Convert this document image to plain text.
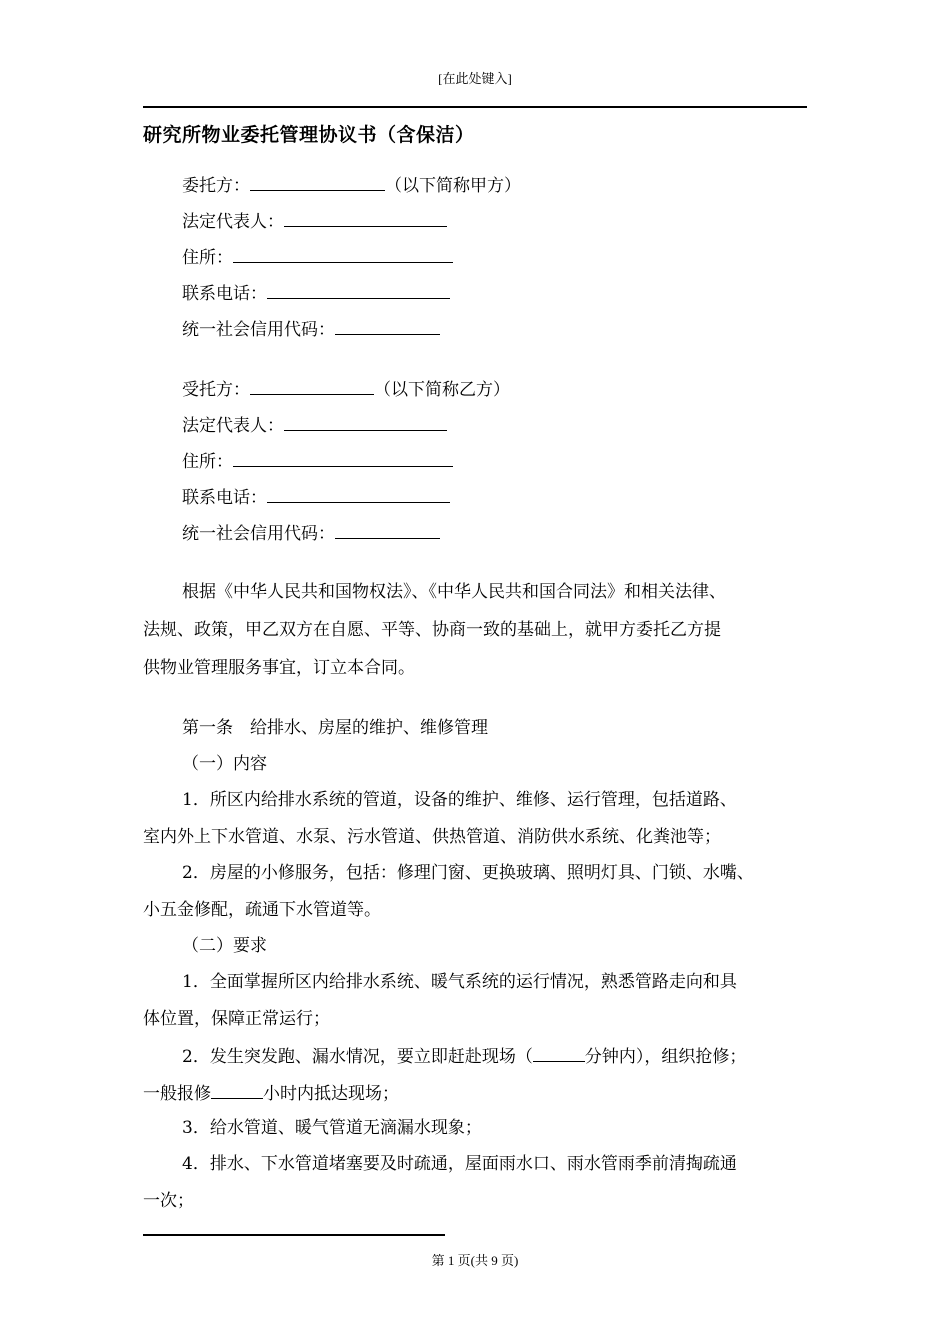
[在此处键入]
研究所物业委托管理协议书（含保洁）
委托方：	（以下简称甲方）
法定代表人：
住所：
联系电话：
统一社会信用代码：
受托方：	（以下简称乙方）
法定代表人：
住所：
联系电话：
统一社会信用代码：
根据《中华人民共和国物权法》、《中华人民共和国合同法》和相关法律、
法规、政策，甲乙双方在自愿、平等、协商一致的基础上，就甲方委托乙方提
供物业管理服务事宜，订立本合同。
第一条　给排水、房屋的维护、维修管理
（一）内容
1．所区内给排水系统的管道，设备的维护、维修、运行管理，包括道路、
室内外上下水管道、水泵、污水管道、供热管道、消防供水系统、化粪池等；
2．房屋的小修服务，包括：修理门窗、更换玻璃、照明灯具、门锁、水嘴、
小五金修配，疏通下水管道等。
（二）要求
1．全面掌握所区内给排水系统、暖气系统的运行情况，熟悉管路走向和具
体位置，保障正常运行；
2．发生突发跑、漏水情况，要立即赶赴现场（	分钟内），组织抢修；
一般报修	小时内抵达现场；
3．给水管道、暖气管道无滴漏水现象；
4．排水、下水管道堵塞要及时疏通，屋面雨水口、雨水管雨季前清掏疏通
一次；
第 1 页(共 9 页)
